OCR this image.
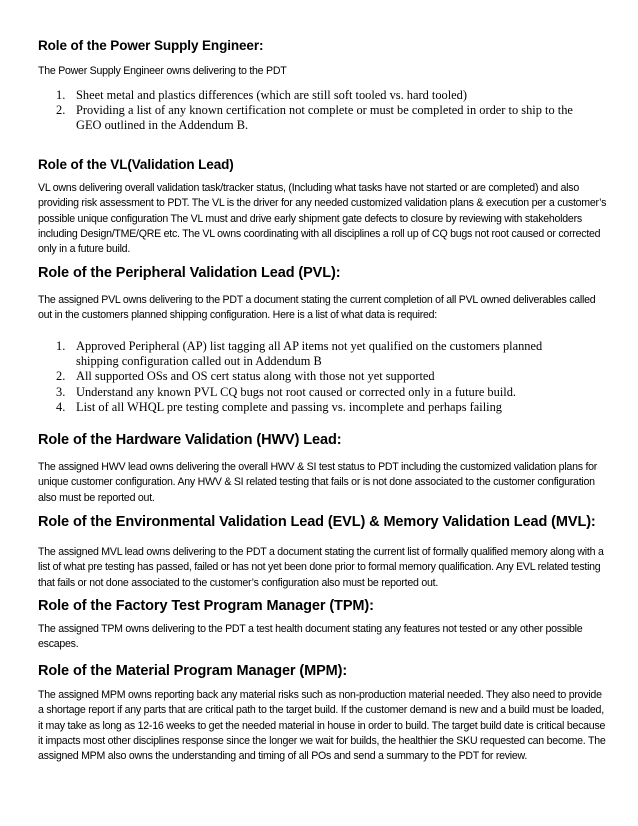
Role of the Power Supply Engineer:

The Power Supply Engineer owns delivering to the PDT

1. Sheet metal and plastics differences (which are still soft tooled vs. hard tooled)
2. Providing a list of any known certification not complete or must be completed in order to ship to the GEO outlined in the Addendum B.
Role of the VL(Validation Lead)

VL owns delivering overall validation task/tracker status, (Including what tasks have not started or are completed) and also providing risk assessment to PDT. The VL is the driver for any needed customized validation plans & execution per a customer’s possible unique configuration The VL must and drive early shipment gate defects to closure by reviewing with stakeholders including Design/TME/QRE etc. The VL owns coordinating with all disciplines a roll up of CQ bugs not root caused or corrected only in a future build.

Role of the Peripheral Validation Lead (PVL):

The assigned PVL owns delivering to the PDT a document stating the current completion of all PVL owned deliverables called out in the customers planned shipping configuration. Here is a list of what data is required:

1. Approved Peripheral (AP) list tagging all AP items not yet qualified on the customers planned shipping configuration called out in Addendum B
2. All supported OSs and OS cert status along with those not yet supported
3. Understand any known PVL CQ bugs not root caused or corrected only in a future build.
4. List of all WHQL pre testing complete and passing vs. incomplete and perhaps failing
Role of the Hardware Validation (HWV) Lead:

The assigned HWV lead owns delivering the overall HWV & SI test status to PDT including the customized validation plans for unique customer configuration. Any HWV & SI related testing that fails or is not done associated to the customer configuration also must be reported out.

Role of the Environmental Validation Lead (EVL) & Memory Validation Lead (MVL):

The assigned MVL lead owns delivering to the PDT a document stating the current list of formally qualified memory along with a list of what pre testing has passed, failed or has not yet been done prior to formal memory qualification. Any EVL related testing that fails or not done associated to the customer’s configuration also must be reported out.

Role of the Factory Test Program Manager (TPM):

The assigned TPM owns delivering to the PDT a test health document stating any features not tested or any other possible escapes.

Role of the Material Program Manager (MPM):

The assigned MPM owns reporting back any material risks such as non-production material needed. They also need to provide a shortage report if any parts that are critical path to the target build. If the customer demand is new and a build must be loaded, it may take as long as 12-16 weeks to get the needed material in house in order to build. The target build date is critical because it impacts most other disciplines response since the longer we wait for builds, the healthier the SKU requested can become. The assigned MPM also owns the understanding and timing of all POs and send a summary to the PDT for review.
